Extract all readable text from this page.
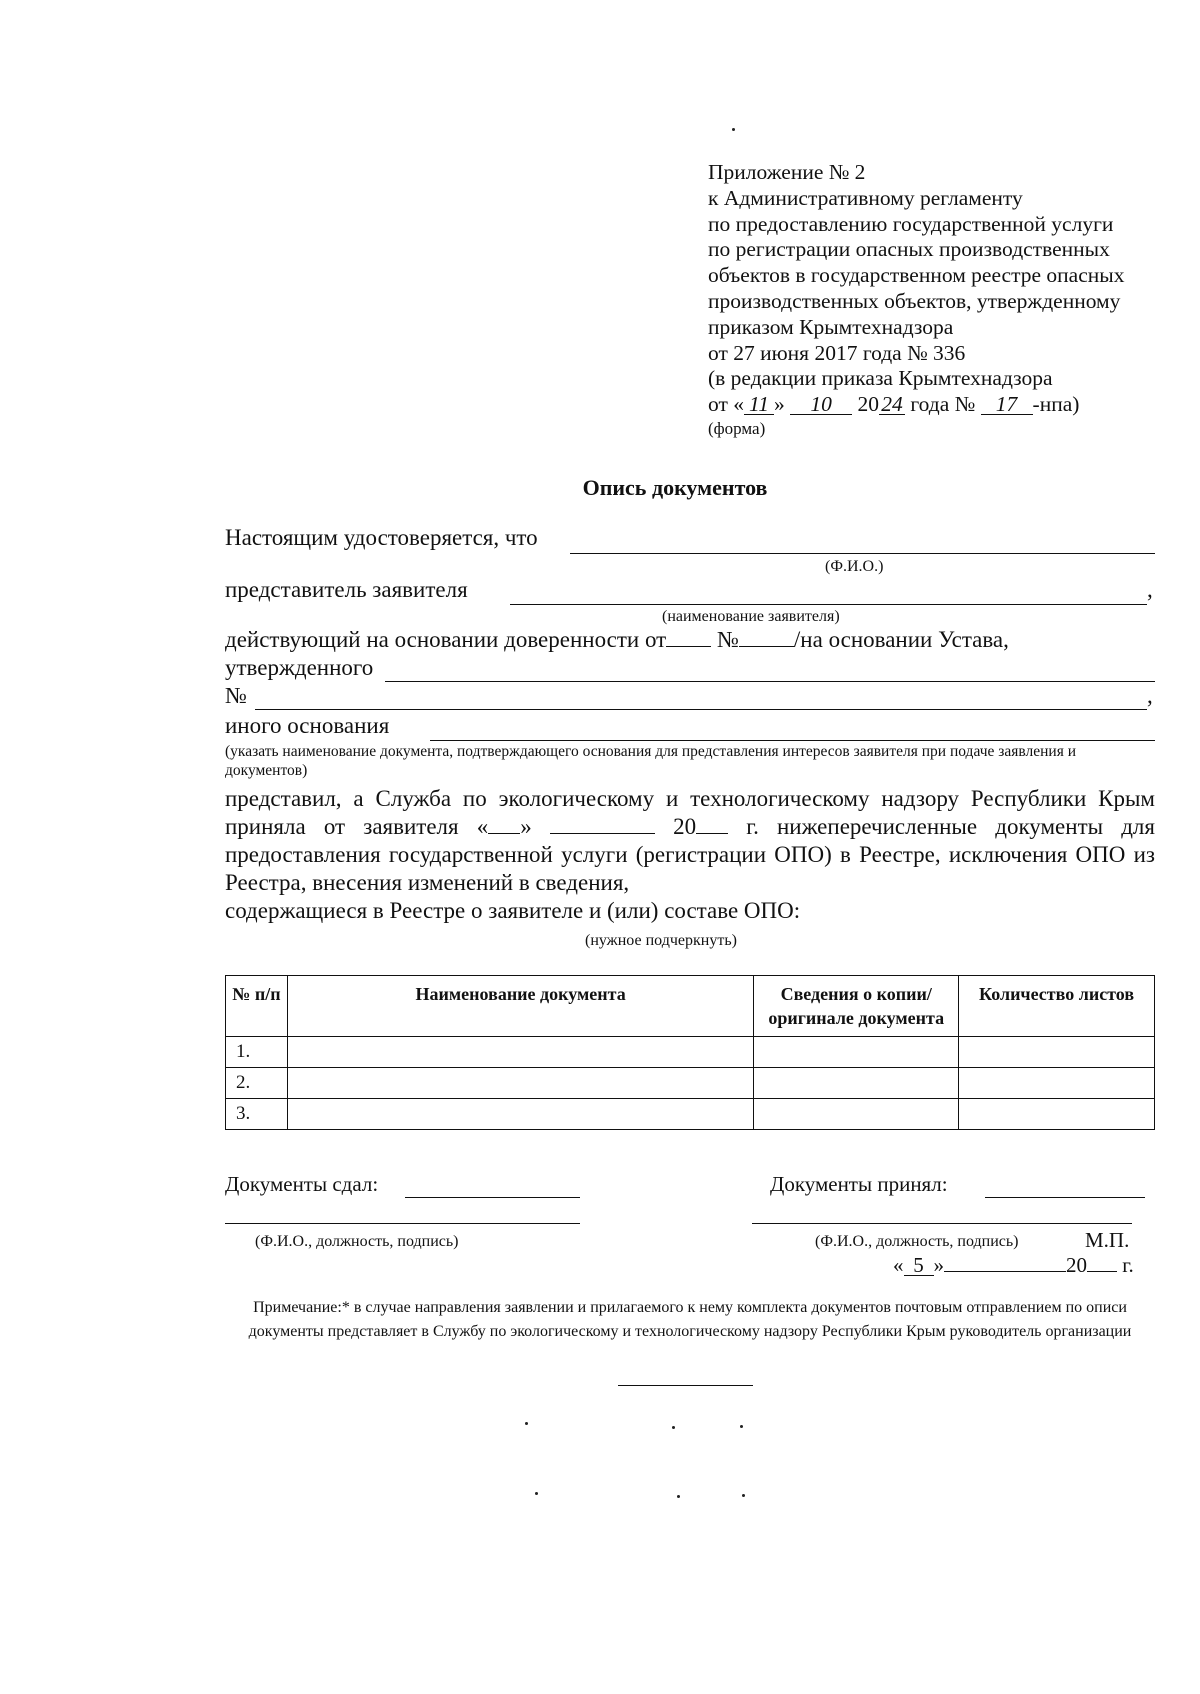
Приложение № 2
к Административному регламенту
по предоставлению государственной услуги
по регистрации опасных производственных
объектов в государственном реестре опасных
производственных объектов, утвержденному
приказом Крымтехнадзора
от 27 июня 2017 года № 336
(в редакции приказа Крымтехнадзора
от « 11 » 10 20 24 года № 17 -нпа)
(форма)
Опись документов
Настоящим удостоверяется, что
(Ф.И.О.)
представитель заявителя	,
(наименование заявителя)
действующий на основании доверенности от № /на основании Устава,
утвержденного
№	,
иного основания
(указать наименование документа, подтверждающего основания для представления интересов заявителя при подаче заявления и документов)
представил, а Служба по экологическому и технологическому надзору Республики Крым приняла от заявителя « »	20 г. нижеперечисленные документы для предоставления государственной услуги (регистрации ОПО) в Реестре, исключения ОПО из Реестра, внесения изменений в сведения,
содержащиеся в Реестре о заявителе и (или) составе ОПО:
(нужное подчеркнуть)
№ п/п	Наименование документа	Сведения о копии/оригинале документа	Количество листов
1.			
2.			
3.			
Документы сдал:
(Ф.И.О., должность, подпись)
Документы принял:
(Ф.И.О., должность, подпись)	М.П.
« 5 »	20 г.
Примечание:* в случае направления заявлении и прилагаемого к нему комплекта документов почтовым отправлением по описи документы представляет в Службу по экологическому и технологическому надзору Республики Крым руководитель организации
